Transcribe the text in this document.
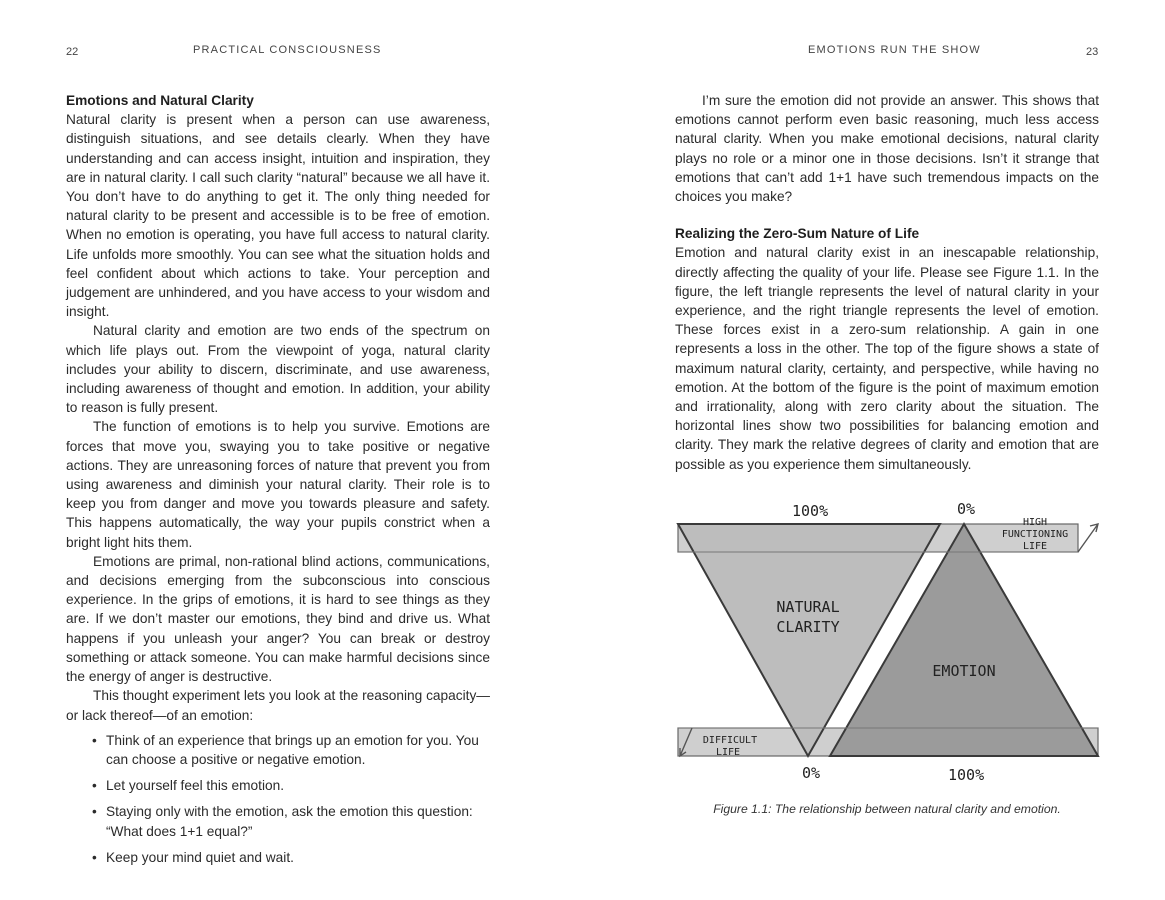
22	PRACTICAL CONSCIOUSNESS
Emotions and Natural Clarity

Natural clarity is present when a person can use awareness, distinguish situations, and see details clearly. When they have understanding and can access insight, intuition and inspiration, they are in natural clarity. I call such clarity “natural” because we all have it. You don’t have to do anything to get it. The only thing needed for natural clarity to be present and accessible is to be free of emotion. When no emotion is operating, you have full access to natural clarity. Life unfolds more smoothly. You can see what the situation holds and feel confident about which actions to take. Your perception and judgement are unhindered, and you have access to your wisdom and insight.

Natural clarity and emotion are two ends of the spectrum on which life plays out. From the viewpoint of yoga, natural clarity includes your ability to discern, discriminate, and use awareness, including awareness of thought and emotion. In addition, your ability to reason is fully present.

The function of emotions is to help you survive. Emotions are forces that move you, swaying you to take positive or negative actions. They are unreasoning forces of nature that prevent you from using awareness and diminish your natural clarity. Their role is to keep you from danger and move you towards pleasure and safety. This happens automatically, the way your pupils constrict when a bright light hits them.

Emotions are primal, non-rational blind actions, communications, and decisions emerging from the subconscious into conscious experience. In the grips of emotions, it is hard to see things as they are. If we don’t master our emotions, they bind and drive us. What happens if you unleash your anger? You can break or destroy something or attack someone. You can make harmful decisions since the energy of anger is destructive.

This thought experiment lets you look at the reasoning capacity—or lack thereof—of an emotion:

• Think of an experience that brings up an emotion for you. You can choose a positive or negative emotion.
• Let yourself feel this emotion.
• Staying only with the emotion, ask the emotion this question: “What does 1+1 equal?”
• Keep your mind quiet and wait.
EMOTIONS RUN THE SHOW	23

I’m sure the emotion did not provide an answer. This shows that emotions cannot perform even basic reasoning, much less access natural clarity. When you make emotional decisions, natural clarity plays no role or a minor one in those decisions. Isn’t it strange that emotions that can’t add 1+1 have such tremendous impacts on the choices you make?

Realizing the Zero-Sum Nature of Life

Emotion and natural clarity exist in an inescapable relationship, directly affecting the quality of your life. Please see Figure 1.1. In the figure, the left triangle represents the level of natural clarity in your experience, and the right triangle represents the level of emotion. These forces exist in a zero-sum relationship. A gain in one represents a loss in the other. The top of the figure shows a state of maximum natural clarity, certainty, and perspective, while having no emotion. At the bottom of the figure is the point of maximum emotion and irrationality, along with zero clarity about the situation. The horizontal lines show two possibilities for balancing emotion and clarity. They mark the relative degrees of clarity and emotion that are possible as you experience them simultaneously.

100%	0%
0%	100%
NATURAL
CLARITY
EMOTION
HIGH
FUNCTIONING
LIFE
DIFFICULT
LIFE
Figure 1.1: The relationship between natural clarity and emotion.
